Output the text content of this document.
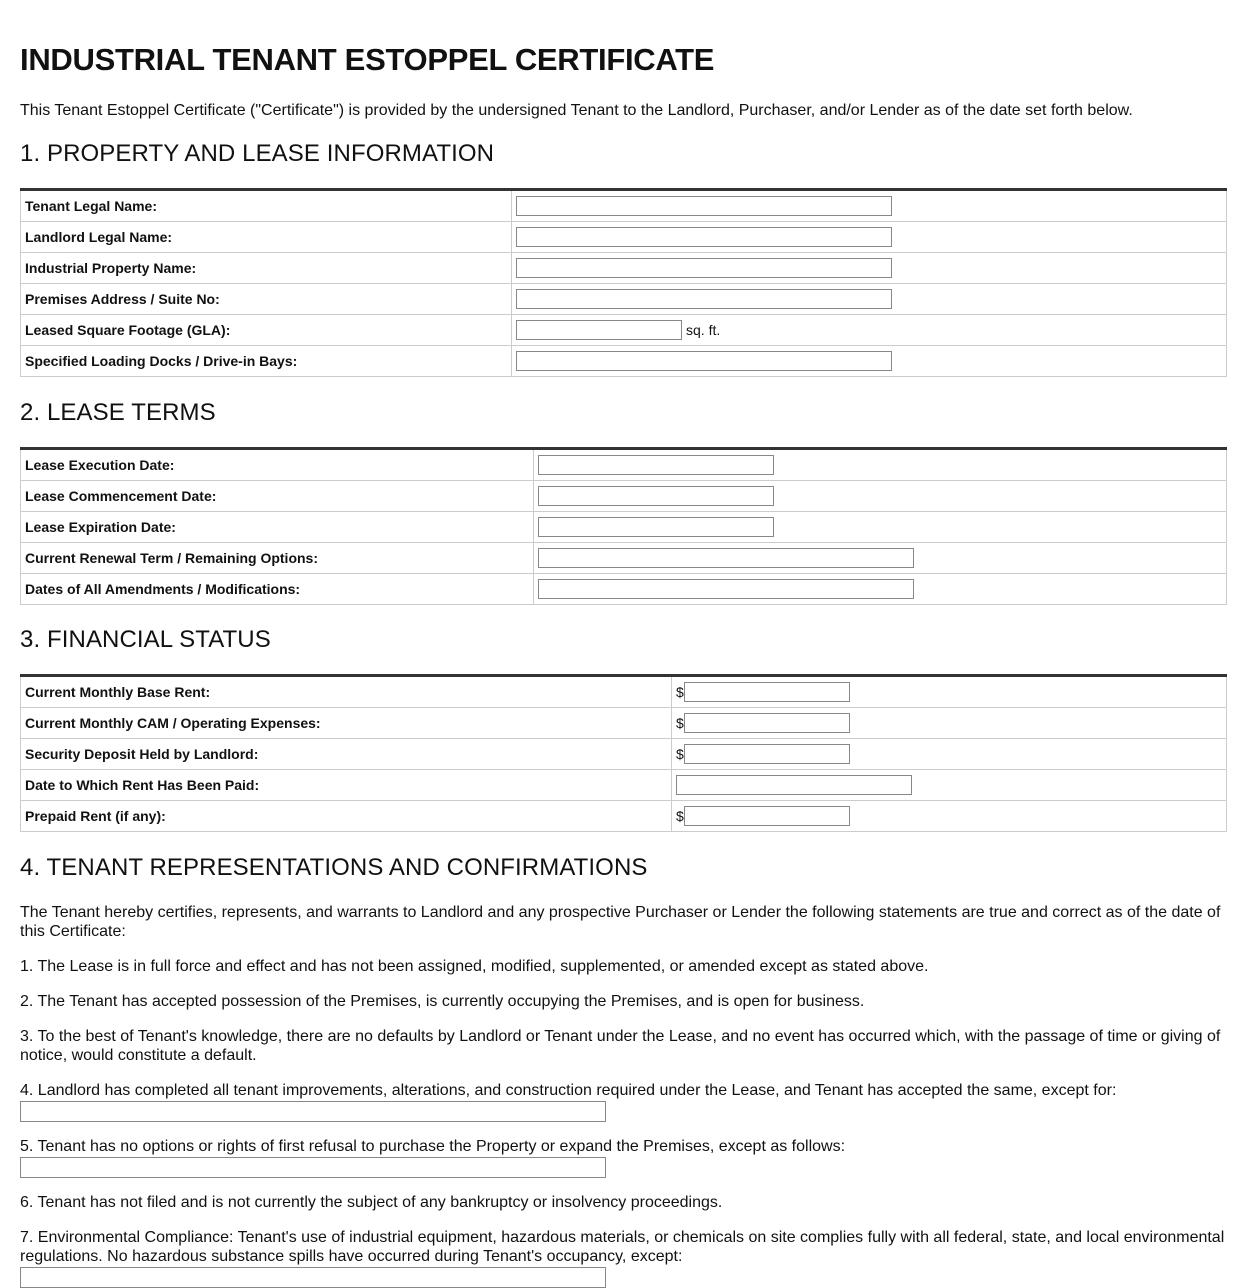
INDUSTRIAL TENANT ESTOPPEL CERTIFICATE

This Tenant Estoppel Certificate ("Certificate") is provided by the undersigned Tenant to the Landlord, Purchaser, and/or Lender as of the date set forth below.

1. PROPERTY AND LEASE INFORMATION
Tenant Legal Name:	
Landlord Legal Name:	
Industrial Property Name:	
Premises Address / Suite No:	
Leased Square Footage (GLA):	sq. ft.
Specified Loading Docks / Drive-in Bays:	
2. LEASE TERMS
Lease Execution Date:	
Lease Commencement Date:	
Lease Expiration Date:	
Current Renewal Term / Remaining Options:	
Dates of All Amendments / Modifications:	
3. FINANCIAL STATUS
Current Monthly Base Rent:	$
Current Monthly CAM / Operating Expenses:	$
Security Deposit Held by Landlord:	$
Date to Which Rent Has Been Paid:	
Prepaid Rent (if any):	$
4. TENANT REPRESENTATIONS AND CONFIRMATIONS

The Tenant hereby certifies, represents, and warrants to Landlord and any prospective Purchaser or Lender the following statements are true and correct as of the date of this Certificate:

1. The Lease is in full force and effect and has not been assigned, modified, supplemented, or amended except as stated above.

2. The Tenant has accepted possession of the Premises, is currently occupying the Premises, and is open for business.

3. To the best of Tenant's knowledge, there are no defaults by Landlord or Tenant under the Lease, and no event has occurred which, with the passage of time or giving of notice, would constitute a default.

4. Landlord has completed all tenant improvements, alterations, and construction required under the Lease, and Tenant has accepted the same, except for:

5. Tenant has no options or rights of first refusal to purchase the Property or expand the Premises, except as follows:

6. Tenant has not filed and is not currently the subject of any bankruptcy or insolvency proceedings.

7. Environmental Compliance: Tenant's use of industrial equipment, hazardous materials, or chemicals on site complies fully with all federal, state, and local environmental regulations. No hazardous substance spills have occurred during Tenant's occupancy, except:
